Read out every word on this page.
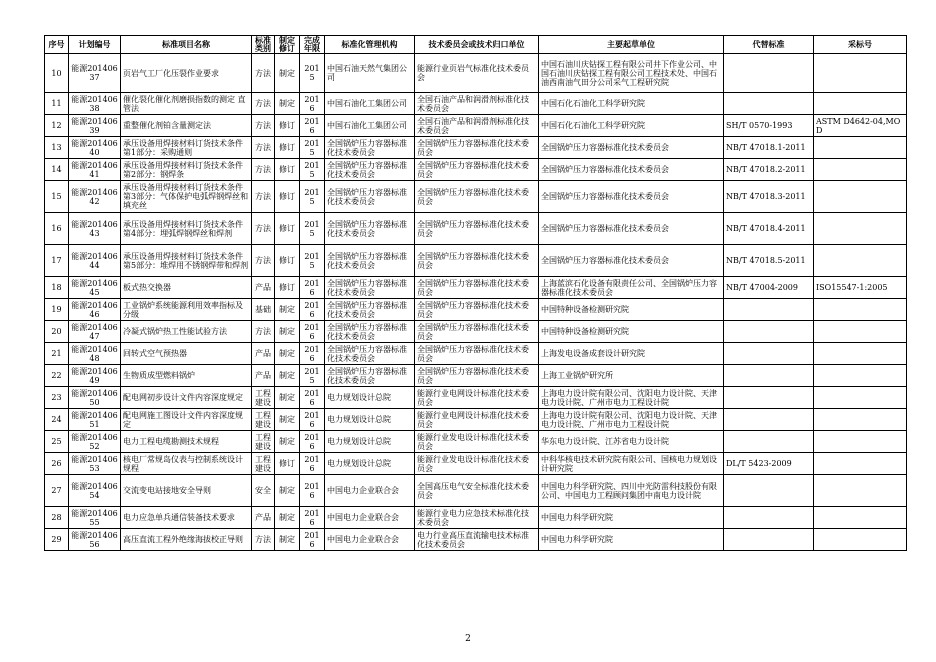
序号	计划编号	标准项目名称	标准类别	制定修订	完成年限	标准化管理机构	技术委员会或技术归口单位	主要起草单位	代替标准	采标号
10	能源20140637	页岩气工厂化压裂作业要求	方法	制定	2015	中国石油天然气集团公司	能源行业页岩气标准化技术委员会	中国石油川庆钻探工程有限公司井下作业公司、中国石油川庆钻探工程有限公司工程技术处、中国石油西南油气田分公司采气工程研究院		
11	能源20140638	催化裂化催化剂磨损指数的测定 直管法	方法	制定	2016	中国石油化工集团公司	全国石油产品和润滑剂标准化技术委员会	中国石化石油化工科学研究院		
12	能源20140639	重整催化剂铂含量测定法	方法	修订	2016	中国石油化工集团公司	全国石油产品和润滑剂标准化技术委员会	中国石化石油化工科学研究院	SH/T 0570-1993	ASTM D4642-04,MOD
13	能源20140640	承压设备用焊接材料订货技术条件 第1部分：采购通则	方法	修订	2015	全国锅炉压力容器标准化技术委员会	全国锅炉压力容器标准化技术委员会	全国锅炉压力容器标准化技术委员会	NB/T 47018.1-2011	
14	能源20140641	承压设备用焊接材料订货技术条件 第2部分：钢焊条	方法	修订	2015	全国锅炉压力容器标准化技术委员会	全国锅炉压力容器标准化技术委员会	全国锅炉压力容器标准化技术委员会	NB/T 47018.2-2011	
15	能源20140642	承压设备用焊接材料订货技术条件 第3部分：气体保护电弧焊钢焊丝和填充丝	方法	修订	2015	全国锅炉压力容器标准化技术委员会	全国锅炉压力容器标准化技术委员会	全国锅炉压力容器标准化技术委员会	NB/T 47018.3-2011	
16	能源20140643	承压设备用焊接材料订货技术条件 第4部分：埋弧焊钢焊丝和焊剂	方法	修订	2015	全国锅炉压力容器标准化技术委员会	全国锅炉压力容器标准化技术委员会	全国锅炉压力容器标准化技术委员会	NB/T 47018.4-2011	
17	能源20140644	承压设备用焊接材料订货技术条件 第5部分：堆焊用不锈钢焊带和焊剂	方法	修订	2015	全国锅炉压力容器标准化技术委员会	全国锅炉压力容器标准化技术委员会	全国锅炉压力容器标准化技术委员会	NB/T 47018.5-2011	
18	能源20140645	板式热交换器	产品	修订	2016	全国锅炉压力容器标准化技术委员会	全国锅炉压力容器标准化技术委员会	上海蓝滨石化设备有限责任公司、全国锅炉压力容器标准化技术委员会	NB/T 47004-2009	ISO15547-1:2005
19	能源20140646	工业锅炉系统能源利用效率指标及分级	基础	制定	2016	全国锅炉压力容器标准化技术委员会	全国锅炉压力容器标准化技术委员会	中国特种设备检测研究院		
20	能源20140647	冷凝式锅炉热工性能试验方法	方法	制定	2016	全国锅炉压力容器标准化技术委员会	全国锅炉压力容器标准化技术委员会	中国特种设备检测研究院		
21	能源20140648	回转式空气预热器	产品	制定	2016	全国锅炉压力容器标准化技术委员会	全国锅炉压力容器标准化技术委员会	上海发电设备成套设计研究院		
22	能源20140649	生物质成型燃料锅炉	产品	制定	2015	全国锅炉压力容器标准化技术委员会	全国锅炉压力容器标准化技术委员会	上海工业锅炉研究所		
23	能源20140650	配电网初步设计文件内容深度规定	工程建设	制定	2016	电力规划设计总院	能源行业电网设计标准化技术委员会	上海电力设计院有限公司、沈阳电力设计院、天津电力设计院、广州市电力工程设计院		
24	能源20140651	配电网施工图设计文件内容深度规定	工程建设	制定	2016	电力规划设计总院	能源行业电网设计标准化技术委员会	上海电力设计院有限公司、沈阳电力设计院、天津电力设计院、广州市电力工程设计院		
25	能源20140652	电力工程电缆勘测技术规程	工程建设	制定	2016	电力规划设计总院	能源行业发电设计标准化技术委员会	华东电力设计院、江苏省电力设计院		
26	能源20140653	核电厂常规岛仪表与控制系统设计规程	工程建设	修订	2016	电力规划设计总院	能源行业发电设计标准化技术委员会	中科华核电技术研究院有限公司、国核电力规划设计研究院	DL/T 5423-2009	
27	能源20140654	交流变电站接地安全导则	安全	制定	2016	中国电力企业联合会	全国高压电气安全标准化技术委员会	中国电力科学研究院、四川中光防雷科技股份有限公司、中国电力工程顾问集团中南电力设计院		
28	能源20140655	电力应急单兵通信装备技术要求	产品	制定	2016	中国电力企业联合会	能源行业电力应急技术标准化技术委员会	中国电力科学研究院		
29	能源20140656	高压直流工程外绝缘海拔校正导则	方法	制定	2016	中国电力企业联合会	电力行业高压直流输电技术标准化技术委员会	中国电力科学研究院		
2
